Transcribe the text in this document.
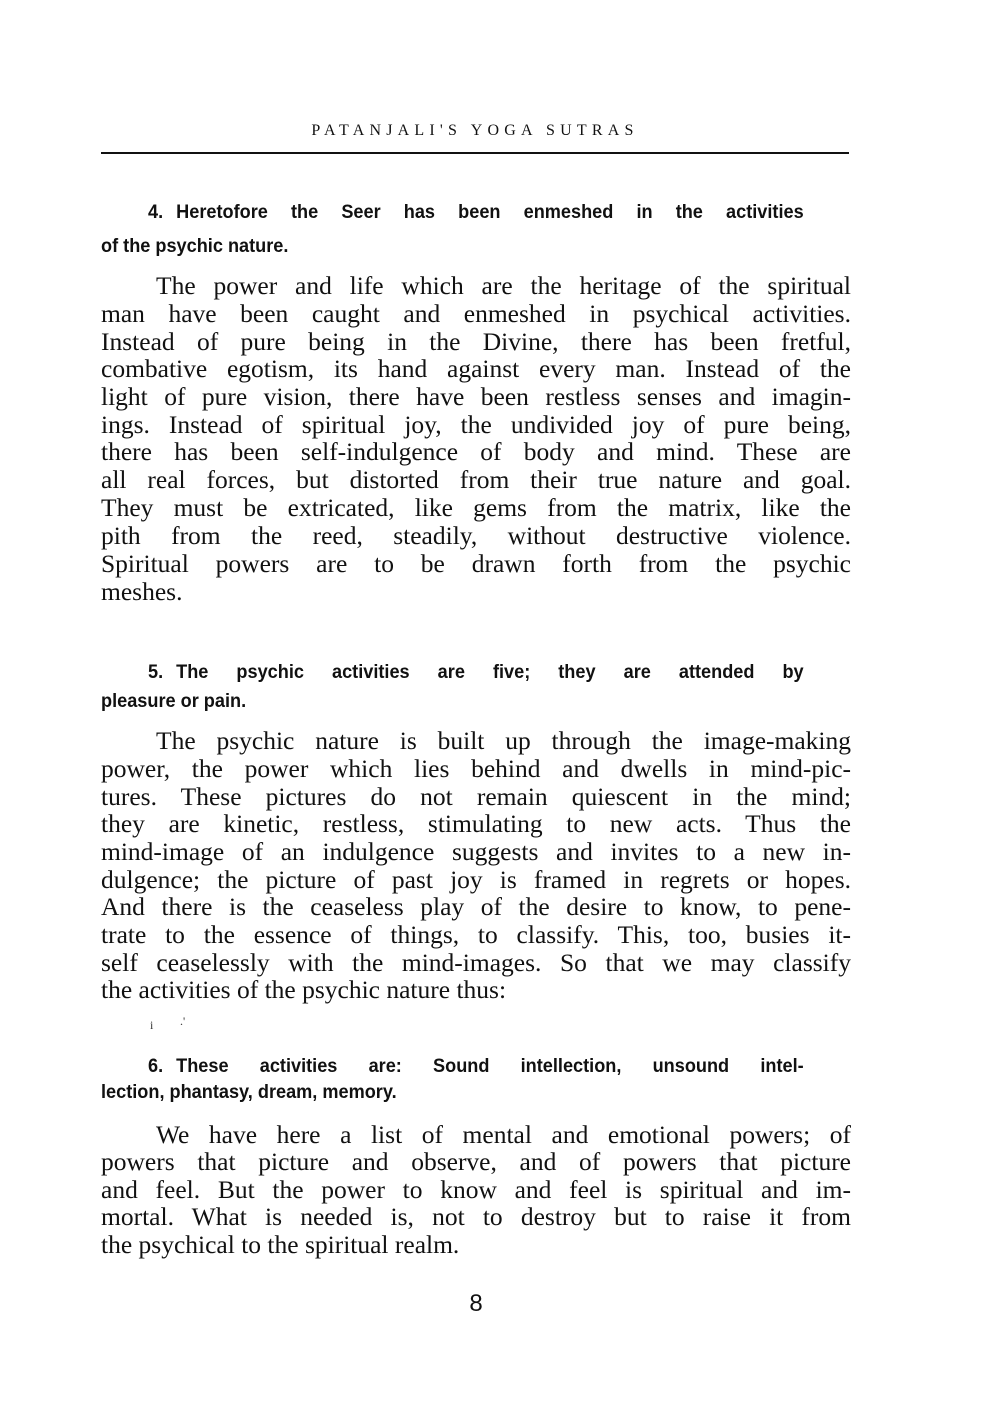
PATANJALI'S YOGA SUTRAS
4. Heretofore the Seer has been enmeshed in the activities
of the psychic nature.
The power and life which are the heritage of the spiritual
man have been caught and enmeshed in psychical activities.
Instead of pure being in the Divine, there has been fretful,
combative egotism, its hand against every man. Instead of the
light of pure vision, there have been restless senses and imagin-
ings. Instead of spiritual joy, the undivided joy of pure being,
there has been self-indulgence of body and mind. These are
all real forces, but distorted from their true nature and goal.
They must be extricated, like gems from the matrix, like the
pith from the reed, steadily, without destructive violence.
Spiritual powers are to be drawn forth from the psychic
meshes.
5. The psychic activities are five; they are attended by
pleasure or pain.
The psychic nature is built up through the image-making
power, the power which lies behind and dwells in mind-pic-
tures. These pictures do not remain quiescent in the mind;
they are kinetic, restless, stimulating to new acts. Thus the
mind-image of an indulgence suggests and invites to a new in-
dulgence; the picture of past joy is framed in regrets or hopes.
And there is the ceaseless play of the desire to know, to pene-
trate to the essence of things, to classify. This, too, busies it-
self ceaselessly with the mind-images. So that we may classify
the activities of the psychic nature thus:
i .'
6. These activities are: Sound intellection, unsound intel-
lection, phantasy, dream, memory.
We have here a list of mental and emotional powers; of
powers that picture and observe, and of powers that picture
and feel. But the power to know and feel is spiritual and im-
mortal. What is needed is, not to destroy but to raise it from
the psychical to the spiritual realm.
8
